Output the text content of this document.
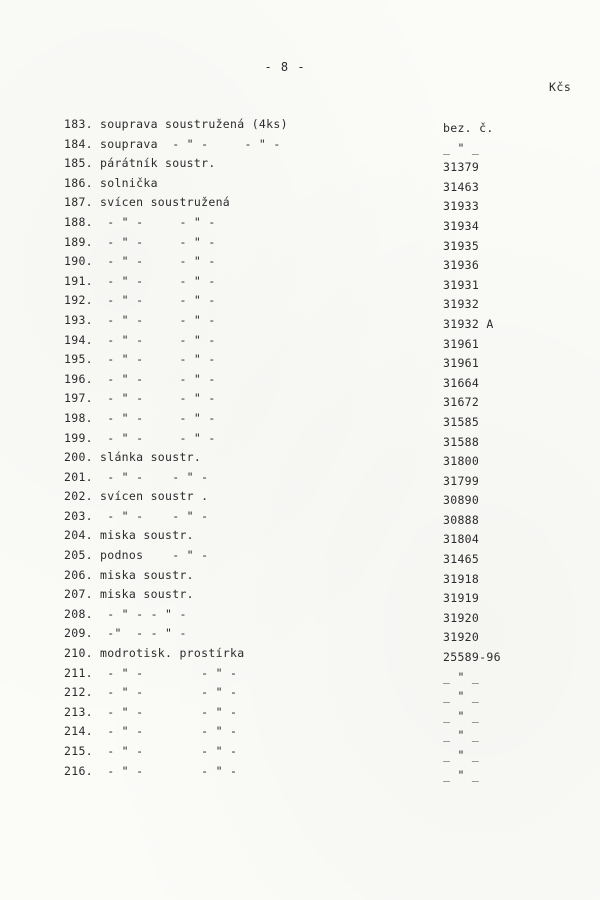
- 8 -
Kčs
183. souprava soustružená (4ks)	bez. č.
184. souprava  - " -     - " -	_ " _
185. párátník soustr.	31379
186. solnička	31463
187. svícen soustružená	31933
188. - " -     - " -	31934
189. - " -     - " -	31935
190. - " -     - " -	31936
191. - " -     - " -	31931
192. - " -     - " -	31932
193. - " -     - " -	31932 A
194. - " -     - " -	31961
195. - " -     - " -	31961
196. - " -     - " -	31664
197. - " -     - " -	31672
198. - " -     - " -	31585
199. - " -     - " -	31588
200. slánka soustr.	31800
201. - " -    - " -	31799
202. svícen soustr .	30890
203. - " -    - " -	30888
204. miska soustr.	31804
205. podnos    - " -	31465
206. miska soustr.	31918
207. miska soustr.	31919
208. - " - - " -	31920
209. -"  - - " -	31920
210. modrotisk. prostírka	25589-96
211. - " -        - " -	_ " _
212. - " -        - " -	_ " _
213. - " -        - " -	_ " _
214. - " -        - " -	_ " _
215. - " -        - " -	_ " _
216. - " -        - " -	_ " _
